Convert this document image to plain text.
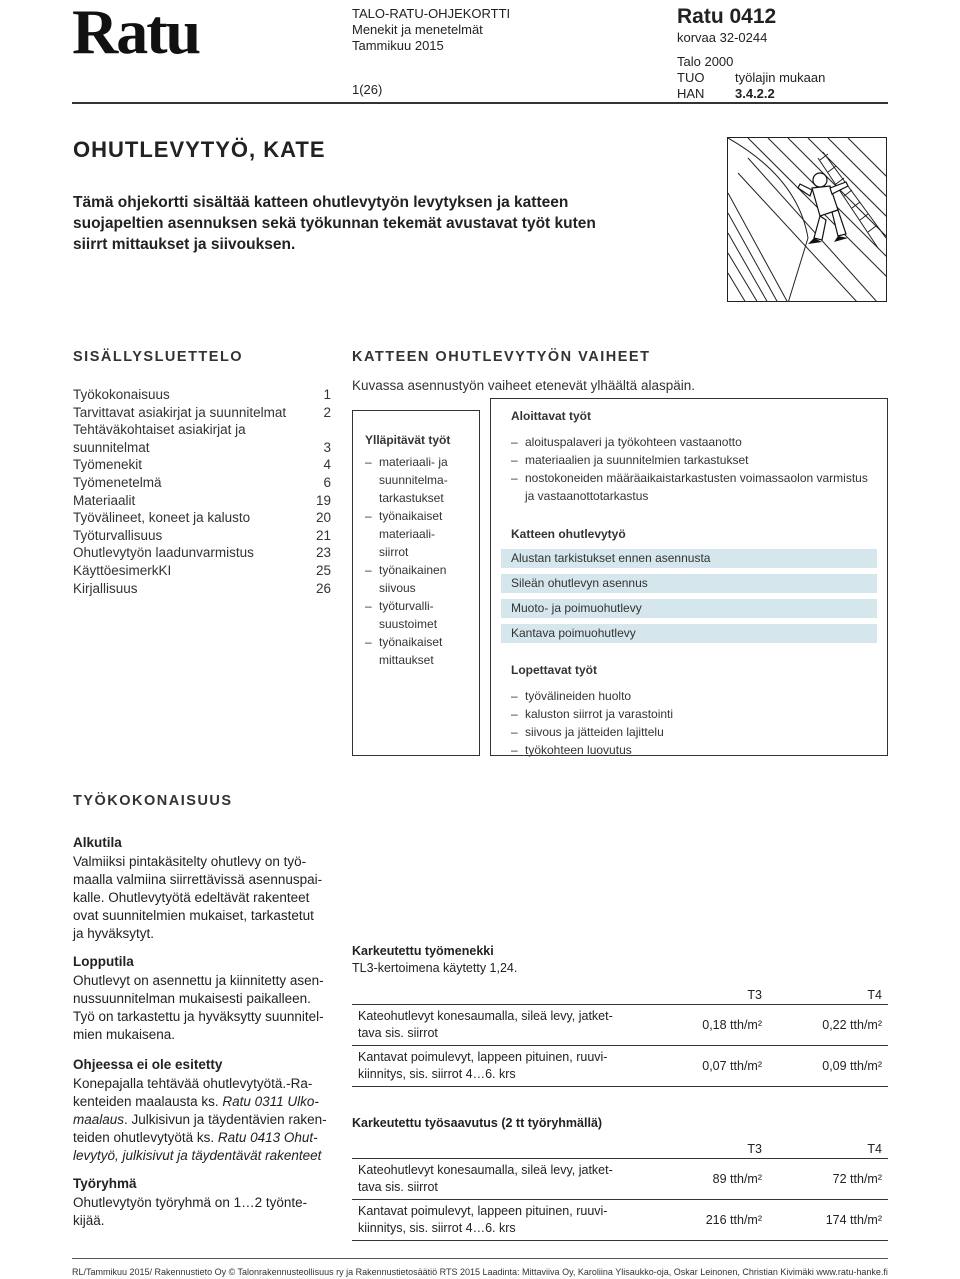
Ratu	TALO-RATU-OHJEKORTTI
Menekit ja menetelmät
Tammikuu 2015
1(26)
Ratu 0412
korvaa 32-0244
Talo 2000
TUO	työlajin mukaan
HAN	3.4.2.2
OHUTLEVYTYÖ, KATE
Tämä ohjekortti sisältää katteen ohutlevytyön levytyksen ja katteen suojapeltien asennuksen sekä työkunnan tekemät avustavat työt kuten siirrt mittaukset ja siivouksen.
SISÄLLYSLUETTELO
Työkokonaisuus	1
Tarvittavat asiakirjat ja suunnitelmat	2
Tehtäväkohtaiset asiakirjat ja
suunnitelmat	3
Työmenekit	4
Työmenetelmä	6
Materiaalit	19
Työvälineet, koneet ja kalusto	20
Työturvallisuus	21
Ohutlevytyön laadunvarmistus	23
KäyttöesimerkKI	25
Kirjallisuus	26
KATTEEN OHUTLEVYTYÖN VAIHEET
Kuvassa asennustyön vaiheet etenevät ylhäältä alaspäin.
Ylläpitävät työt
– materiaali- ja
suunnitelma-
tarkastukset
– työnaikaiset
materiaali-
siirrot
– työnaikainen
siivous
– työturvalli-
suustoimet
– työnaikaiset
mittaukset
Aloittavat työt
– aloituspalaveri ja työkohteen vastaanotto
– materiaalien ja suunnitelmien tarkastukset
– nostokoneiden määräaikaistarkastusten voimassaolon varmistus
ja vastaanottotarkastus
Katteen ohutlevytyö
Alustan tarkistukset ennen asennusta
Sileän ohutlevyn asennus
Muoto- ja poimuohutlevy
Kantava poimuohutlevy
Lopettavat työt
– työvälineiden huolto
– kaluston siirrot ja varastointi
– siivous ja jätteiden lajittelu
– työkohteen luovutus
TYÖKOKONAISUUS
Alkutila
Valmiiksi pintakäsitelty ohutlevy on työ-
maalla valmiina siirrettävissä asennuspai-
kalle. Ohutlevytyötä edeltävät rakenteet
ovat suunnitelmien mukaiset, tarkastetut
ja hyväksytyt.
Lopputila
Ohutlevyt on asennettu ja kiinnitetty asen-
nussuunnitelman mukaisesti paikalleen.
Työ on tarkastettu ja hyväksytty suunnitel-
mien mukaisena.
Ohjeessa ei ole esitetty
Konepajalla tehtävää ohutlevytyötä.-Ra-
kenteiden maalausta ks. Ratu 0311 Ulko-
maalaus. Julkisivun ja täydentävien raken-
teiden ohutlevytyötä ks. Ratu 0413 Ohut-
levytyö, julkisivut ja täydentävät rakenteet
Työryhmä
Ohutlevytyön työryhmä on 1…2 työnte-
kijää.
Karkeutettu työmenekki
TL3-kertoimena käytetty 1,24.
T3	T4
Kateohutlevyt konesaumalla, sileä levy, jatket-
tava sis. siirrot
0,18 tth/m²	0,22 tth/m²
Kantavat poimulevyt, lappeen pituinen, ruuvi-
kiinnitys, sis. siirrot 4…6. krs
0,07 tth/m²	0,09 tth/m²
Karkeutettu työsaavutus (2 tt työryhmällä)
T3	T4
Kateohutlevyt konesaumalla, sileä levy, jatket-
tava sis. siirrot
89 tth/m²	72 tth/m²
Kantavat poimulevyt, lappeen pituinen, ruuvi-
kiinnitys, sis. siirrot 4…6. krs
216 tth/m²	174 tth/m²
RL/Tammikuu 2015/ Rakennustieto Oy © Talonrakennusteollisuus ry ja Rakennustietosäätiö RTS 2015 Laadinta: Mittaviiva Oy, Karoliina Ylisaukko-oja, Oskar Leinonen, Christian Kivimäki www.ratu-hanke.fi
